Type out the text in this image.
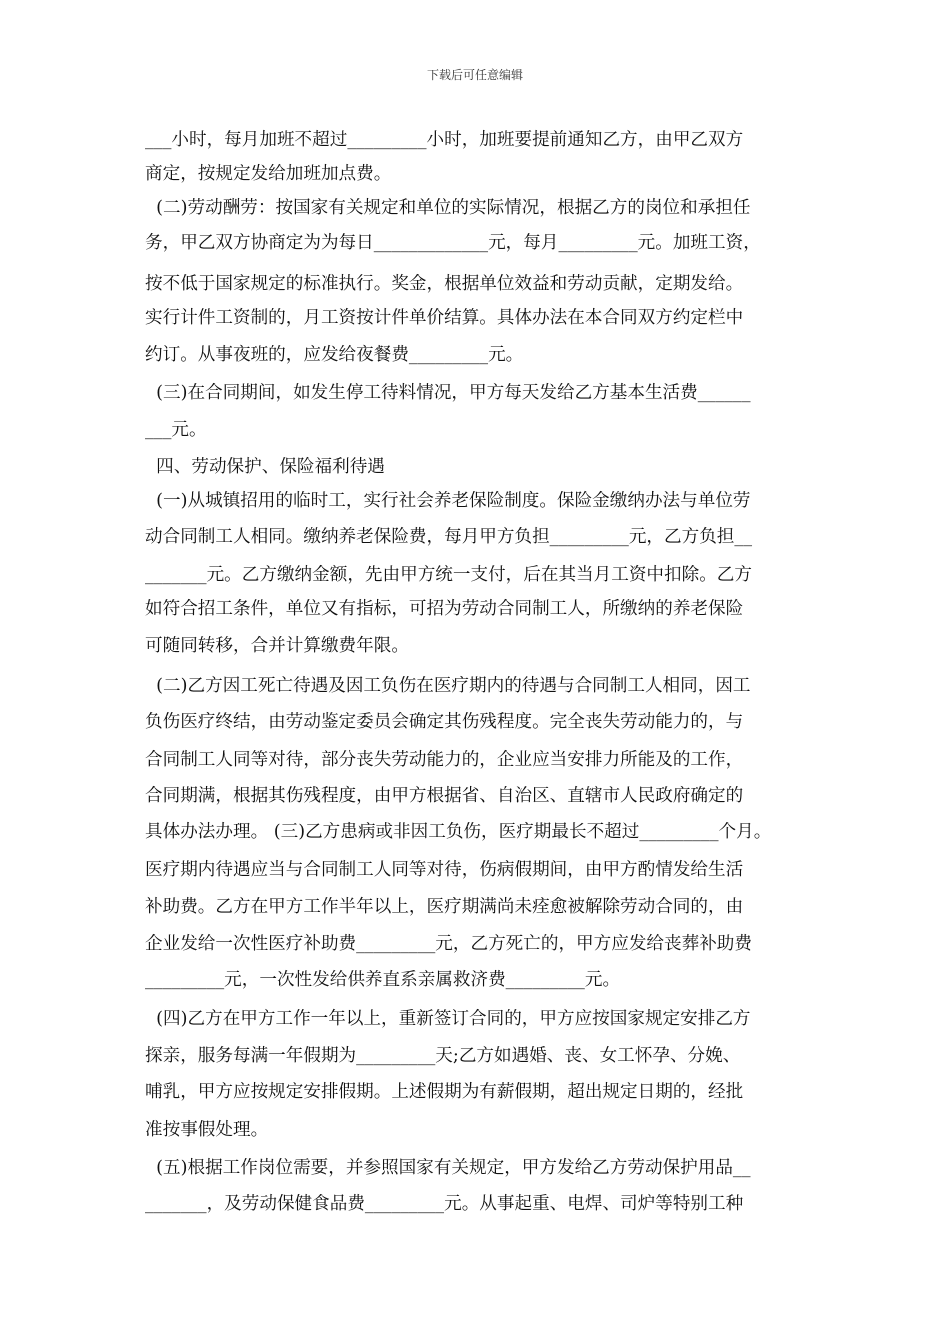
下载后可任意编辑

___小时，每月加班不超过_________小时，加班要提前通知乙方，由甲乙双方

商定，按规定发给加班加点费。

(二)劳动酬劳：按国家有关规定和单位的实际情况，根据乙方的岗位和承担任

务，甲乙双方协商定为为每日_____________元，每月_________元。加班工资，

按不低于国家规定的标准执行。奖金，根据单位效益和劳动贡献，定期发给。

实行计件工资制的，月工资按计件单价结算。具体办法在本合同双方约定栏中

约订。从事夜班的，应发给夜餐费_________元。

(三)在合同期间，如发生停工待料情况，甲方每天发给乙方基本生活费______

___元。

四、劳动保护、保险福利待遇

(一)从城镇招用的临时工，实行社会养老保险制度。保险金缴纳办法与单位劳

动合同制工人相同。缴纳养老保险费，每月甲方负担_________元，乙方负担__

_______元。乙方缴纳金额，先由甲方统一支付，后在其当月工资中扣除。乙方

如符合招工条件，单位又有指标，可招为劳动合同制工人，所缴纳的养老保险

可随同转移，合并计算缴费年限。

(二)乙方因工死亡待遇及因工负伤在医疗期内的待遇与合同制工人相同，因工

负伤医疗终结，由劳动鉴定委员会确定其伤残程度。完全丧失劳动能力的，与

合同制工人同等对待，部分丧失劳动能力的，企业应当安排力所能及的工作，

合同期满，根据其伤残程度，由甲方根据省、自治区、直辖市人民政府确定的

具体办法办理。 (三)乙方患病或非因工负伤，医疗期最长不超过_________个月。

医疗期内待遇应当与合同制工人同等对待，伤病假期间，由甲方酌情发给生活

补助费。乙方在甲方工作半年以上，医疗期满尚未痊愈被解除劳动合同的，由

企业发给一次性医疗补助费_________元，乙方死亡的，甲方应发给丧葬补助费

_________元，一次性发给供养直系亲属救济费_________元。

(四)乙方在甲方工作一年以上，重新签订合同的，甲方应按国家规定安排乙方

探亲，服务每满一年假期为_________天;乙方如遇婚、丧、女工怀孕、分娩、

哺乳，甲方应按规定安排假期。上述假期为有薪假期，超出规定日期的，经批

准按事假处理。

(五)根据工作岗位需要，并参照国家有关规定，甲方发给乙方劳动保护用品__

_______，及劳动保健食品费_________元。从事起重、电焊、司炉等特别工种
